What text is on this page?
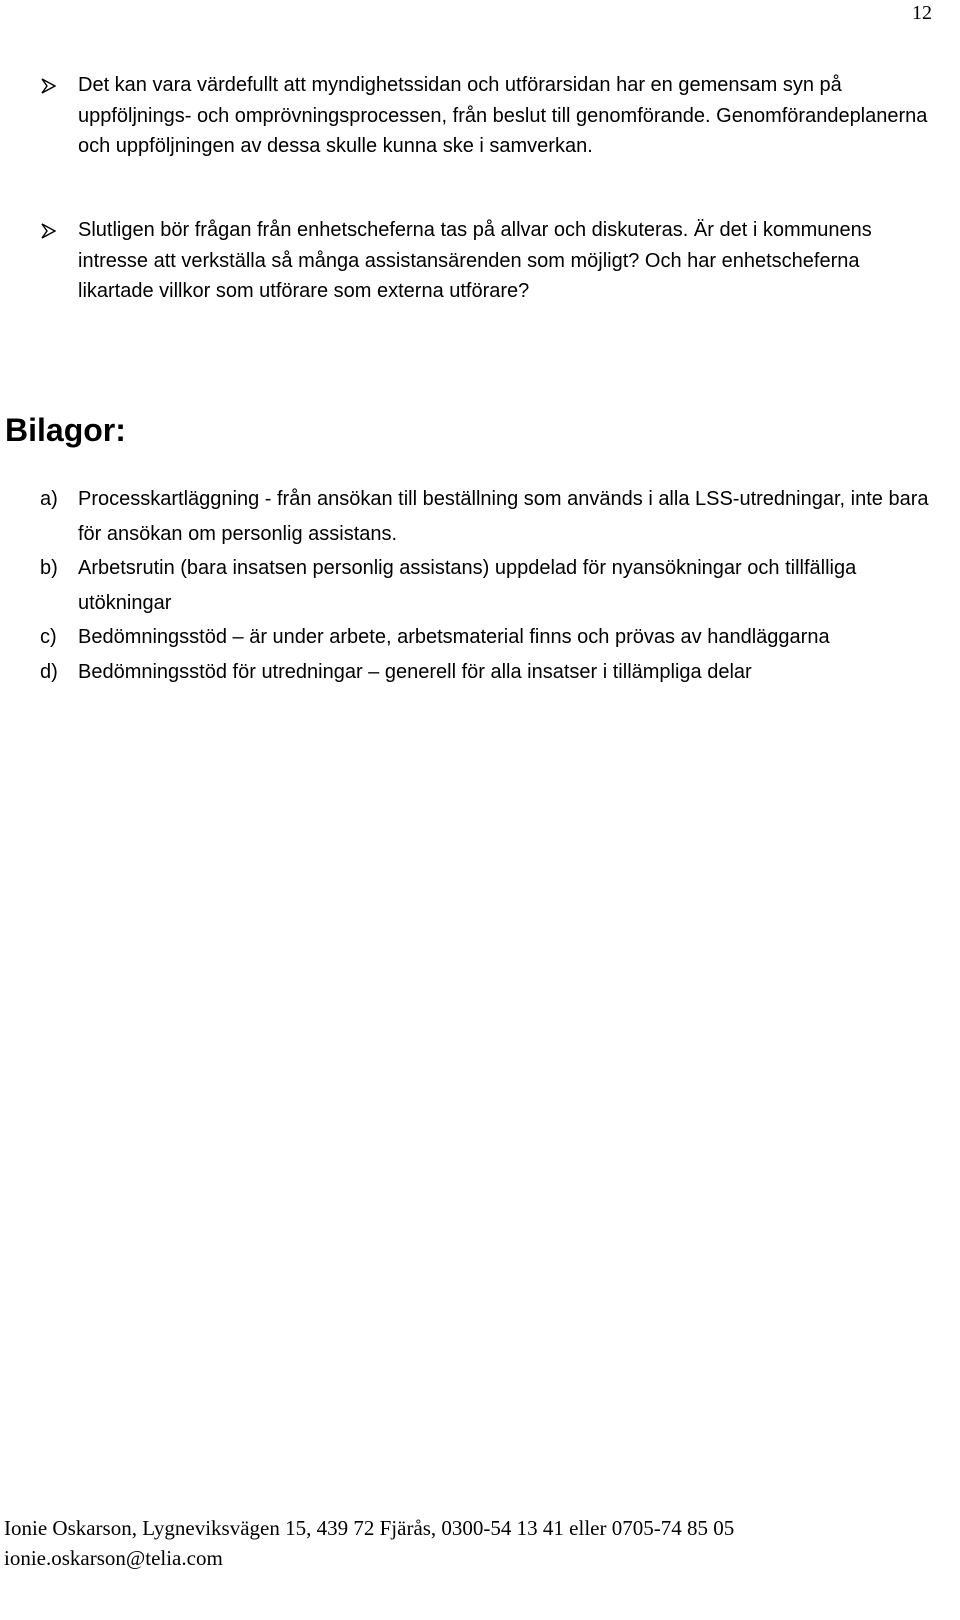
12
Det kan vara värdefullt att myndighetssidan och utförarsidan har en gemensam syn på uppföljnings- och omprövningsprocessen, från beslut till genomförande. Genomförandeplanerna och uppföljningen av dessa skulle kunna ske i samverkan.
Slutligen bör frågan från enhetscheferna tas på allvar och diskuteras. Är det i kommunens intresse att verkställa så många assistansärenden som möjligt? Och har enhetscheferna likartade villkor som utförare som externa utförare?
Bilagor:
a) Processkartläggning - från ansökan till beställning som används i alla LSS-utredningar, inte bara för ansökan om personlig assistans.
b) Arbetsrutin (bara insatsen personlig assistans) uppdelad för nyansökningar och tillfälliga utökningar
c) Bedömningsstöd – är under arbete, arbetsmaterial finns och prövas av handläggarna
d) Bedömningsstöd för utredningar – generell för alla insatser i tillämpliga delar
Ionie Oskarson, Lygneviksvägen 15, 439 72 Fjärås, 0300-54 13 41 eller 0705-74 85 05
ionie.oskarson@telia.com
